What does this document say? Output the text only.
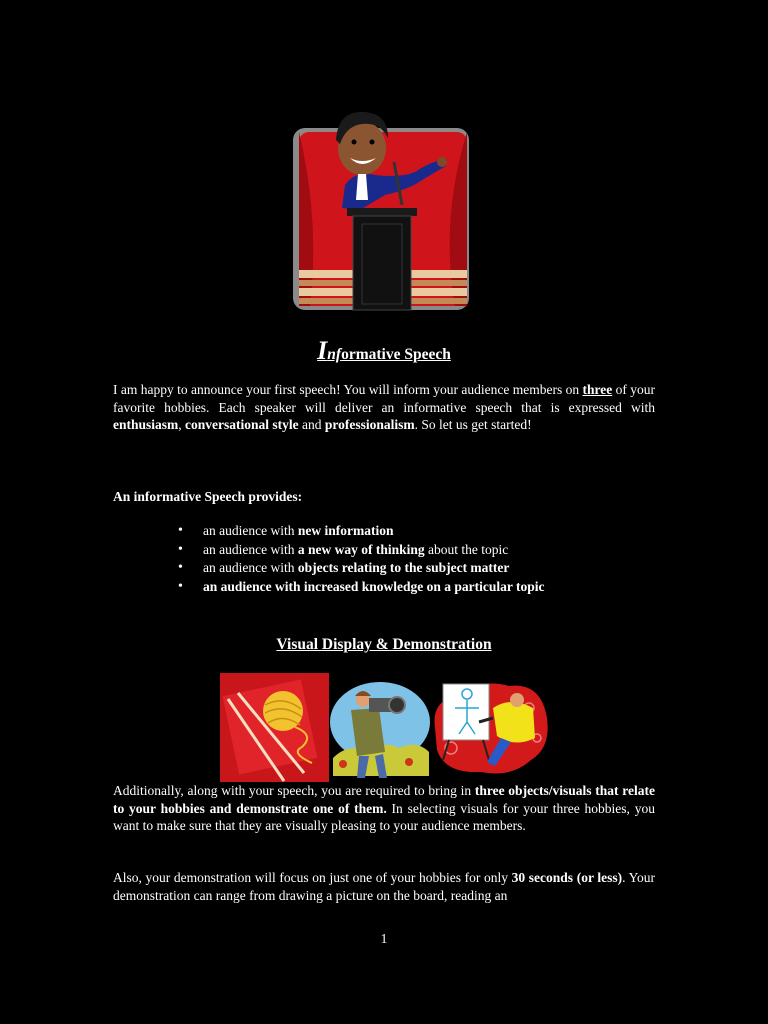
Informative Speech
I am happy to announce your first speech! You will inform your audience members on three of your favorite hobbies. Each speaker will deliver an informative speech that is expressed with enthusiasm, conversational style and professionalism. So let us get started!
An informative Speech provides:
• an audience with new information
• an audience with a new way of thinking about the topic
• an audience with objects relating to the subject matter
• an audience with increased knowledge on a particular topic
Visual Display & Demonstration
Additionally, along with your speech, you are required to bring in three objects/visuals that relate to your hobbies and demonstrate one of them. In selecting visuals for your three hobbies, you want to make sure that they are visually pleasing to your audience members.
Also, your demonstration will focus on just one of your hobbies for only 30 seconds (or less). Your demonstration can range from drawing a picture on the board, reading an
1
